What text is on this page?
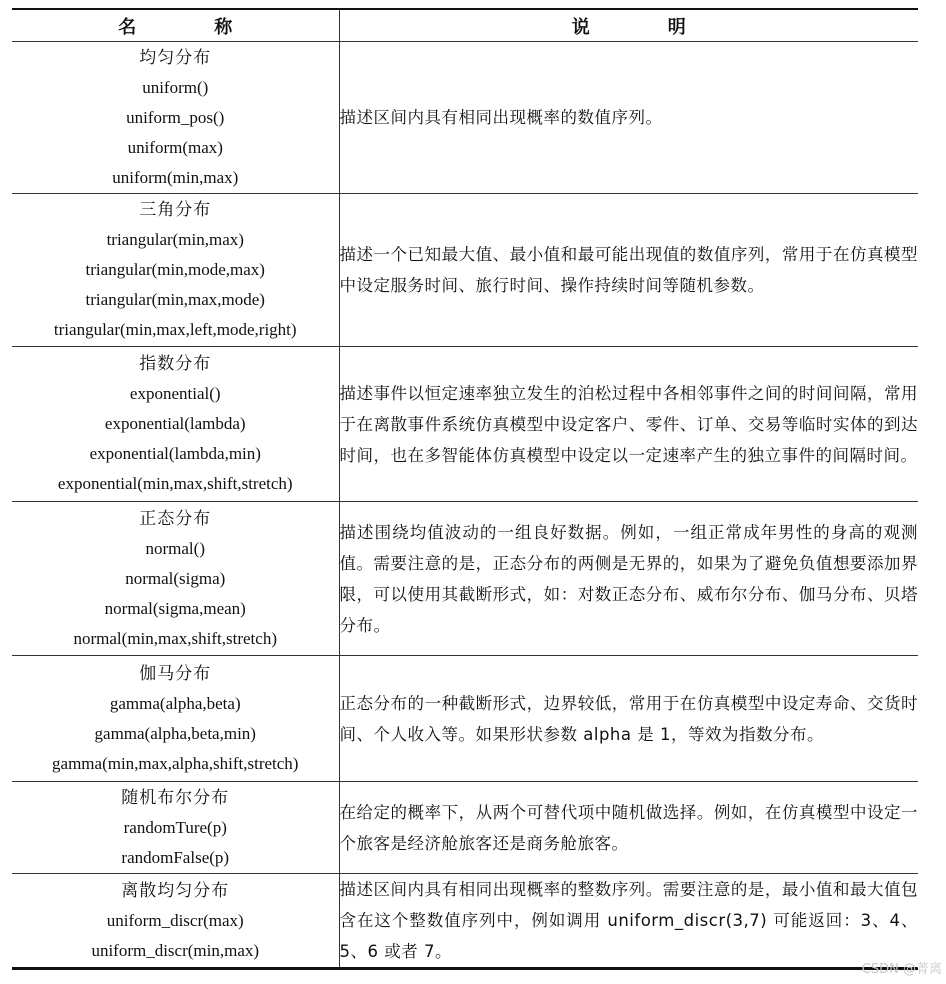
名　称	说　明

均匀分布
uniform()
uniform_pos()
uniform(max)
uniform(min,max)	描述区间内具有相同出现概率的数值序列。

三角分布
triangular(min,max)
triangular(min,mode,max)
triangular(min,max,mode)
triangular(min,max,left,mode,right)	描述一个已知最大值、最小值和最可能出现值的数值序列，常用于在仿真模型中设定服务时间、旅行时间、操作持续时间等随机参数。

指数分布
exponential()
exponential(lambda)
exponential(lambda,min)
exponential(min,max,shift,stretch)	描述事件以恒定速率独立发生的泊松过程中各相邻事件之间的时间间隔，常用于在离散事件系统仿真模型中设定客户、零件、订单、交易等临时实体的到达时间，也在多智能体仿真模型中设定以一定速率产生的独立事件的间隔时间。

正态分布
normal()
normal(sigma)
normal(sigma,mean)
normal(min,max,shift,stretch)	描述围绕均值波动的一组良好数据。例如，一组正常成年男性的身高的观测值。需要注意的是，正态分布的两侧是无界的，如果为了避免负值想要添加界限，可以使用其截断形式，如：对数正态分布、威布尔分布、伽马分布、贝塔分布。

伽马分布
gamma(alpha,beta)
gamma(alpha,beta,min)
gamma(min,max,alpha,shift,stretch)	正态分布的一种截断形式，边界较低，常用于在仿真模型中设定寿命、交货时间、个人收入等。如果形状参数 alpha 是 1，等效为指数分布。

随机布尔分布
randomTure(p)
randomFalse(p)	在给定的概率下，从两个可替代项中随机做选择。例如，在仿真模型中设定一个旅客是经济舱旅客还是商务舱旅客。

离散均匀分布
uniform_discr(max)
uniform_discr(min,max)	描述区间内具有相同出现概率的整数序列。需要注意的是，最小值和最大值包含在这个整数值序列中，例如调用 uniform_discr(3,7) 可能返回：3、4、5、6 或者 7。

CSDN @菁离
